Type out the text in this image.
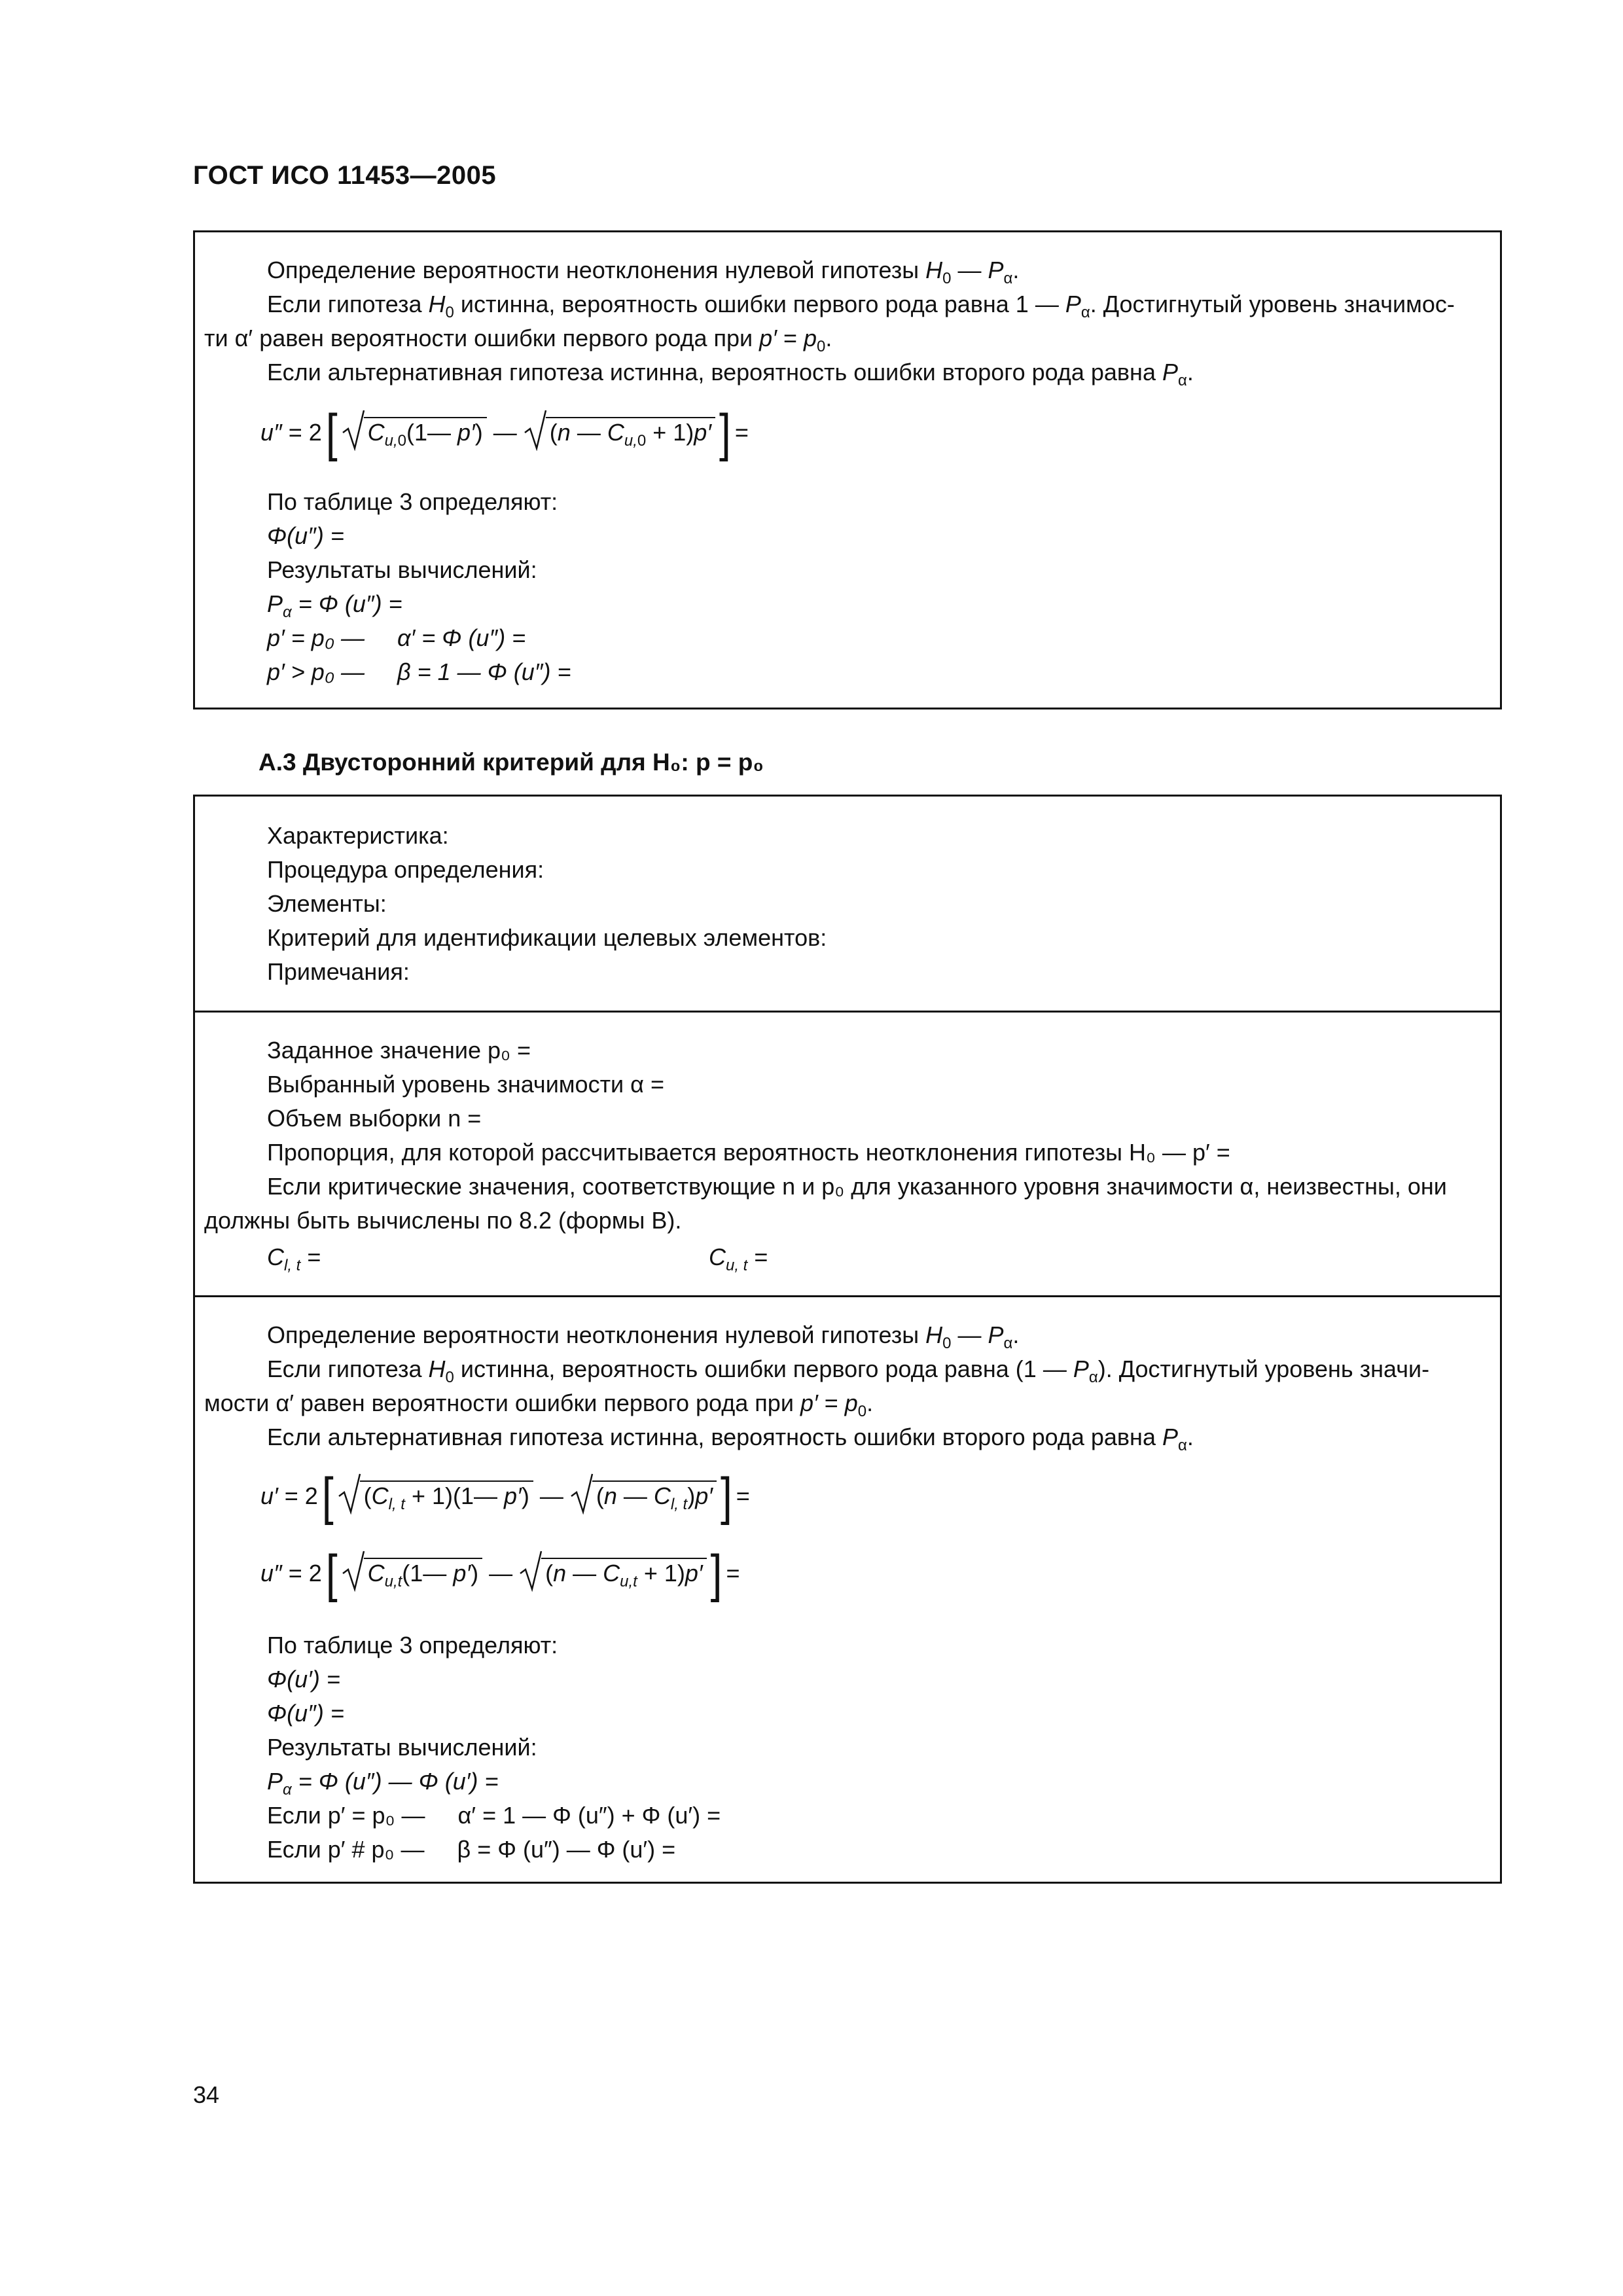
ГОСТ ИСО 11453—2005
Определение вероятности неотклонения нулевой гипотезы $H_0$ — $P_\alpha$.
Если гипотеза $H_0$ истинна, вероятность ошибки первого рода равна 1 — $P_\alpha$. Достигнутый уровень значимос-
ти α′ равен вероятности ошибки первого рода при $p' = p_0$.
Если альтернативная гипотеза истинна, вероятность ошибки второго рода равна $P_\alpha$.
u″ = 2[ $C_{u,0}(1—$ p′) —
(n — $C_{u,0} + 1)p'$ ] =
По таблице 3 определяют:
Φ(u″) =
Результаты вычислений:
$P_\alpha = \Phi$ (u″) =
p′ = p₀ —     α′ = Φ (u″) =
p′ > p₀ —     β = 1 — Φ (u″) =
А.3 Двусторонний критерий для H₀: p = p₀
Характеристика:
Процедура определения:
Элементы:
Критерий для идентификации целевых элементов:
Примечания:
Заданное значение p₀ =
Выбранный уровень значимости α =
Объем выборки n =
Пропорция, для которой рассчитывается вероятность неотклонения гипотезы H₀ — p′ =
Если критические значения, соответствующие n и p₀ для указанного уровня значимости α, неизвестны, они
должны быть вычислены по 8.2 (формы В).
$C_{l, t}$ =	$C_{u, t}$ =
Определение вероятности неотклонения нулевой гипотезы $H_0$ — $P_\alpha$.
Если гипотеза $H_0$ истинна, вероятность ошибки первого рода равна (1 — $P_\alpha$). Достигнутый уровень значи-
мости α′ равен вероятности ошибки первого рода при $p' = p_0$.
Если альтернативная гипотеза истинна, вероятность ошибки второго рода равна $P_\alpha$.
u′ = 2[ ($C_{l, t}$ + 1)(1— p′) —
(n — $C_{l, t})p'$ ] =
u″ = 2[ $C_{u,t}(1—$ p′) —
(n — $C_{u,t} + 1)p'$ ] =
По таблице 3 определяют:
Φ(u′) =
Φ(u″) =
Результаты вычислений:
$P_\alpha = \Phi$ (u″) — Φ (u′) =
Если p′ = p₀ —     α′ = 1 — Φ (u″) + Φ (u′) =
Если p′ # p₀ —     β = Φ (u″) — Φ (u′) =
34
